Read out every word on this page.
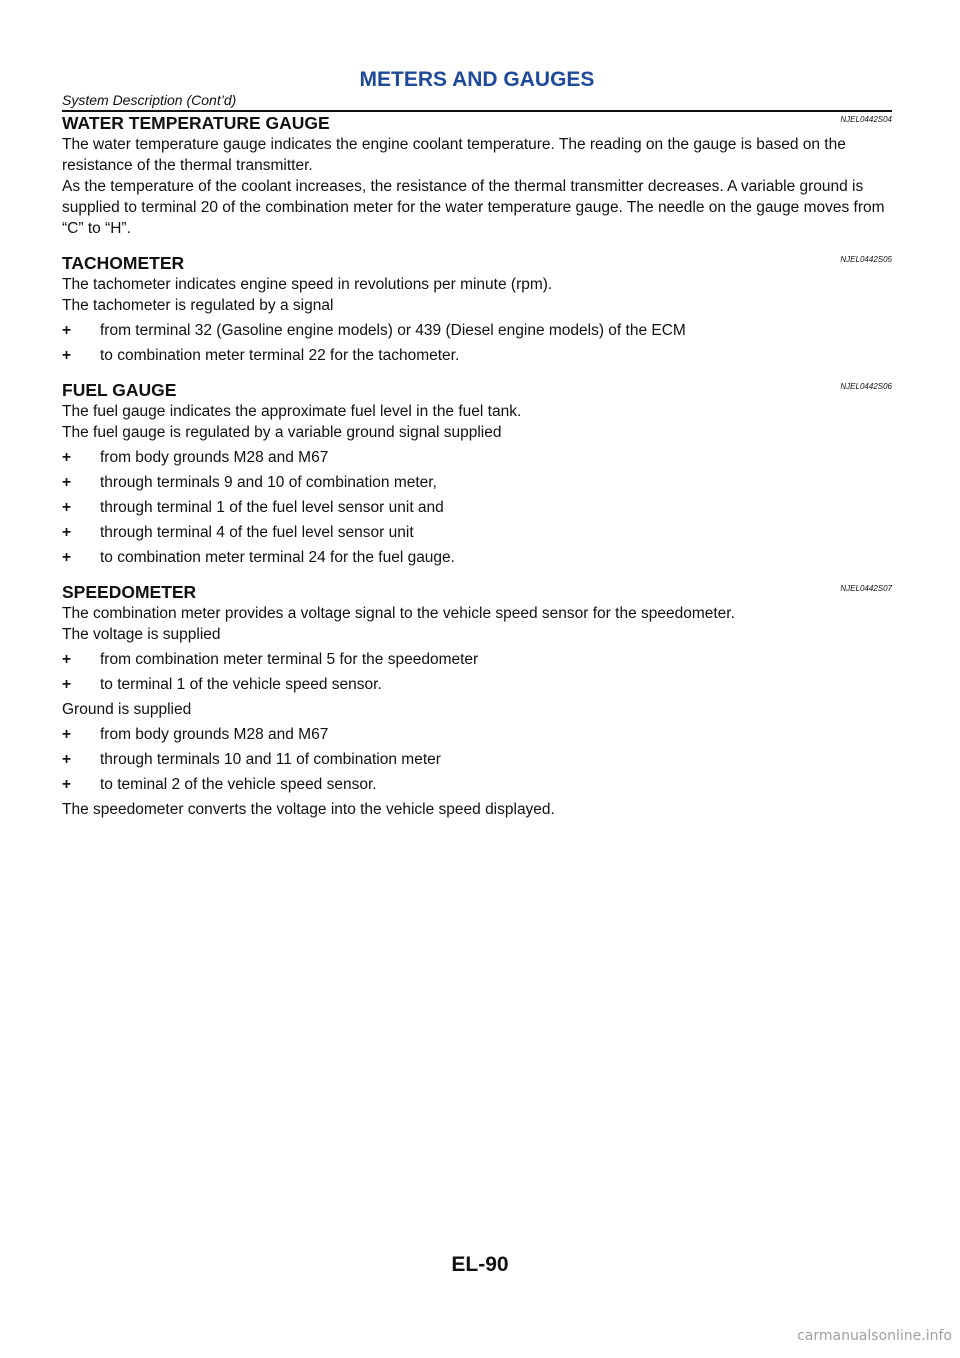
METERS AND GAUGES
System Description (Cont’d)
WATER TEMPERATURE GAUGE	NJEL0442S04

The water temperature gauge indicates the engine coolant temperature. The reading on the gauge is based on the resistance of the thermal transmitter.

As the temperature of the coolant increases, the resistance of the thermal transmitter decreases. A variable ground is supplied to terminal 20 of the combination meter for the water temperature gauge. The needle on the gauge moves from “C” to “H”.

TACHOMETER	NJEL0442S05

The tachometer indicates engine speed in revolutions per minute (rpm).

The tachometer is regulated by a signal

+ from terminal 32 (Gasoline engine models) or 439 (Diesel engine models) of the ECM
+ to combination meter terminal 22 for the tachometer.
FUEL GAUGE	NJEL0442S06

The fuel gauge indicates the approximate fuel level in the fuel tank.

The fuel gauge is regulated by a variable ground signal supplied

+ from body grounds M28 and M67
+ through terminals 9 and 10 of combination meter,
+ through terminal 1 of the fuel level sensor unit and
+ through terminal 4 of the fuel level sensor unit
+ to combination meter terminal 24 for the fuel gauge.
SPEEDOMETER	NJEL0442S07

The combination meter provides a voltage signal to the vehicle speed sensor for the speedometer.

The voltage is supplied

+ from combination meter terminal 5 for the speedometer
+ to terminal 1 of the vehicle speed sensor.

Ground is supplied

+ from body grounds M28 and M67
+ through terminals 10 and 11 of combination meter
+ to teminal 2 of the vehicle speed sensor.

The speedometer converts the voltage into the vehicle speed displayed.

EL-90
carmanualsonline.info
